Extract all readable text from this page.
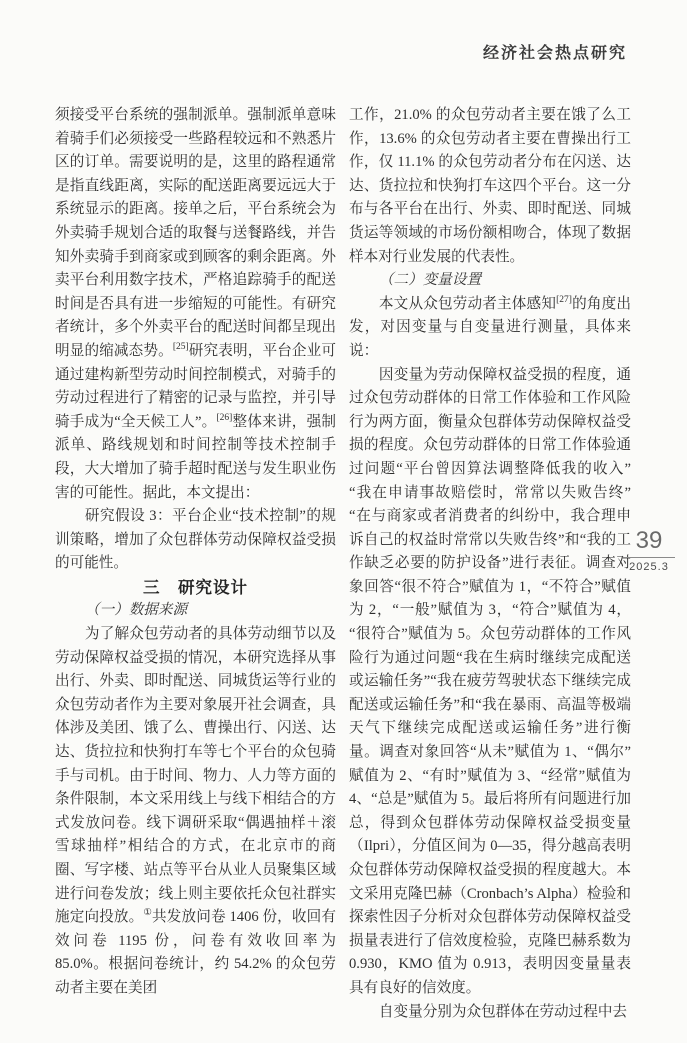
经济社会热点研究

须接受平台系统的强制派单。强制派单意味着骑手们必须接受一些路程较远和不熟悉片区的订单。需要说明的是，这里的路程通常是指直线距离，实际的配送距离要远远大于系统显示的距离。接单之后，平台系统会为外卖骑手规划合适的取餐与送餐路线，并告知外卖骑手到商家或到顾客的剩余距离。外卖平台利用数字技术，严格追踪骑手的配送时间是否具有进一步缩短的可能性。有研究者统计，多个外卖平台的配送时间都呈现出明显的缩减态势。[25]研究表明，平台企业可通过建构新型劳动时间控制模式，对骑手的劳动过程进行了精密的记录与监控，并引导骑手成为“全天候工人”。[26]整体来讲，强制派单、路线规划和时间控制等技术控制手段，大大增加了骑手超时配送与发生职业伤害的可能性。据此，本文提出：

研究假设 3：平台企业“技术控制”的规训策略，增加了众包群体劳动保障权益受损的可能性。

三　研究设计

（一）数据来源

为了解众包劳动者的具体劳动细节以及劳动保障权益受损的情况，本研究选择从事出行、外卖、即时配送、同城货运等行业的众包劳动者作为主要对象展开社会调查，具体涉及美团、饿了么、曹操出行、闪送、达达、货拉拉和快狗打车等七个平台的众包骑手与司机。由于时间、物力、人力等方面的条件限制，本文采用线上与线下相结合的方式发放问卷。线下调研采取“偶遇抽样＋滚雪球抽样”相结合的方式，在北京市的商圈、写字楼、站点等平台从业人员聚集区域进行问卷发放；线上则主要依托众包社群实施定向投放。①共发放问卷 1406 份，收回有效问卷 1195 份，问卷有效收回率为 85.0%。根据问卷统计，约 54.2% 的众包劳动者主要在美团

工作，21.0% 的众包劳动者主要在饿了么工作，13.6% 的众包劳动者主要在曹操出行工作，仅 11.1% 的众包劳动者分布在闪送、达达、货拉拉和快狗打车这四个平台。这一分布与各平台在出行、外卖、即时配送、同城货运等领域的市场份额相吻合，体现了数据样本对行业发展的代表性。

（二）变量设置

本文从众包劳动者主体感知[27]的角度出发，对因变量与自变量进行测量，具体来说：

因变量为劳动保障权益受损的程度，通过众包劳动群体的日常工作体验和工作风险行为两方面，衡量众包群体劳动保障权益受损的程度。众包劳动群体的日常工作体验通过问题“平台曾因算法调整降低我的收入”“我在申请事故赔偿时，常常以失败告终”“在与商家或者消费者的纠纷中，我合理申诉自己的权益时常常以失败告终”和“我的工作缺乏必要的防护设备”进行表征。调查对象回答“很不符合”赋值为 1，“不符合”赋值为 2，“一般”赋值为 3，“符合”赋值为 4，“很符合”赋值为 5。众包劳动群体的工作风险行为通过问题“我在生病时继续完成配送或运输任务”“我在疲劳驾驶状态下继续完成配送或运输任务”和“我在暴雨、高温等极端天气下继续完成配送或运输任务”进行衡量。调查对象回答“从未”赋值为 1、“偶尔”赋值为 2、“有时”赋值为 3、“经常”赋值为 4、“总是”赋值为 5。最后将所有问题进行加总，得到众包群体劳动保障权益受损变量（Ilpri），分值区间为 0—35，得分越高表明众包群体劳动保障权益受损的程度越大。本文采用克隆巴赫（Cronbach’s Alpha）检验和探索性因子分析对众包群体劳动保障权益受损量表进行了信效度检验，克隆巴赫系数为 0.930，KMO 值为 0.913，表明因变量量表具有良好的信效度。

自变量分别为众包群体在劳动过程中去

39
2025.3
